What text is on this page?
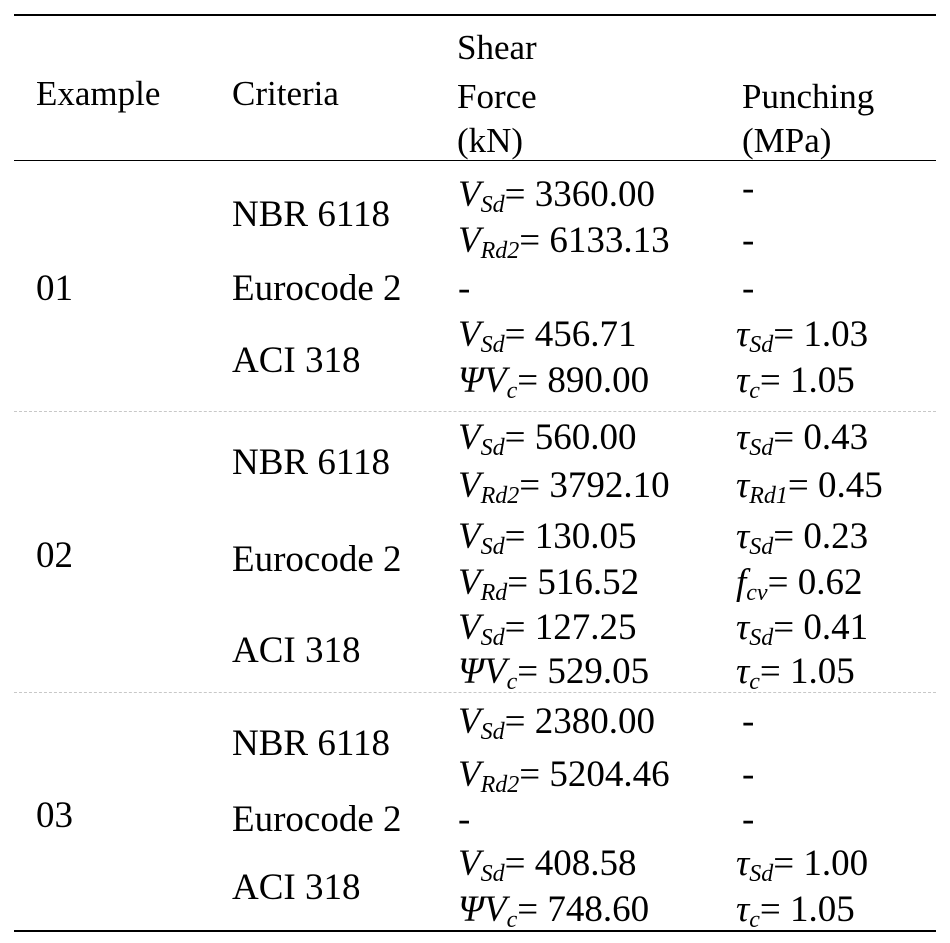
Example Criteria
Shear
Force
(kN)
Punching
(MPa)
01
NBR 6118
Eurocode 2
ACI 318
VSd= 3360.00
VRd2= 6133.13
-
VSd= 456.71
ΨVc= 890.00
-
-
-
τSd= 1.03
τc= 1.05
02
NBR 6118
Eurocode 2
ACI 318
VSd= 560.00
VRd2= 3792.10
VSd= 130.05
VRd= 516.52
VSd= 127.25
ΨVc= 529.05
τSd= 0.43
τRd1= 0.45
τSd= 0.23
fcv= 0.62
τSd= 0.41
τc= 1.05
03
NBR 6118
Eurocode 2
ACI 318
VSd= 2380.00
VRd2= 5204.46
-
VSd= 408.58
ΨVc= 748.60
-
-
-
τSd= 1.00
τc= 1.05
